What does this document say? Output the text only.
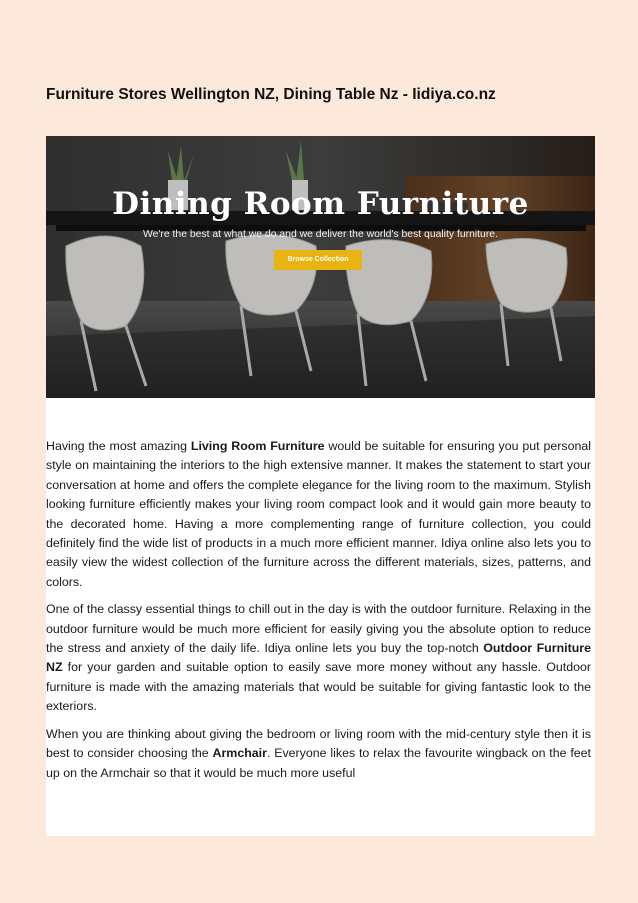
Furniture Stores Wellington NZ, Dining Table Nz - Iidiya.co.nz
Dining Room Furniture
We're the best at what we do and we deliver the world's best quality furniture.
Browse Collection

Having the most amazing Living Room Furniture would be suitable for ensuring you put personal style on maintaining the interiors to the high extensive manner. It makes the statement to start your conversation at home and offers the complete elegance for the living room to the maximum. Stylish looking furniture efficiently makes your living room compact look and it would gain more beauty to the decorated home. Having a more complementing range of furniture collection, you could definitely find the wide list of products in a much more efficient manner. Idiya online also lets you to easily view the widest collection of the furniture across the different materials, sizes, patterns, and colors.

One of the classy essential things to chill out in the day is with the outdoor furniture. Relaxing in the outdoor furniture would be much more efficient for easily giving you the absolute option to reduce the stress and anxiety of the daily life. Idiya online lets you buy the top-notch Outdoor Furniture NZ for your garden and suitable option to easily save more money without any hassle. Outdoor furniture is made with the amazing materials that would be suitable for giving fantastic look to the exteriors.

When you are thinking about giving the bedroom or living room with the mid-century style then it is best to consider choosing the Armchair. Everyone likes to relax the favourite wingback on the feet up on the Armchair so that it would be much more useful
